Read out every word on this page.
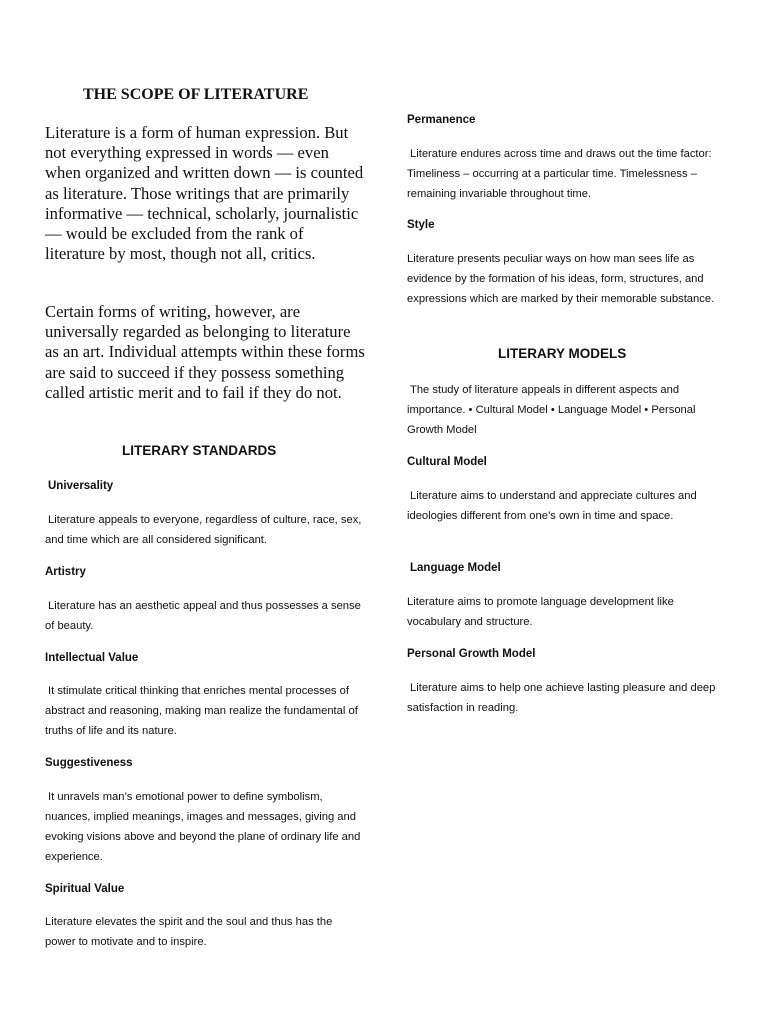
THE SCOPE OF LITERATURE

Literature is a form of human expression. But not everything expressed in words — even when organized and written down — is counted as literature. Those writings that are primarily informative — technical, scholarly, journalistic — would be excluded from the rank of literature by most, though not all, critics.

Certain forms of writing, however, are universally regarded as belonging to literature as an art. Individual attempts within these forms are said to succeed if they possess something called artistic merit and to fail if they do not.

LITERARY STANDARDS
Universality

Literature appeals to everyone, regardless of culture, race, sex, and time which are all considered significant.

Artistry

Literature has an aesthetic appeal and thus possesses a sense of beauty.

Intellectual Value

It stimulate critical thinking that enriches mental processes of abstract and reasoning, making man realize the fundamental of truths of life and its nature.

Suggestiveness

It unravels man’s emotional power to define symbolism, nuances, implied meanings, images and messages, giving and evoking visions above and beyond the plane of ordinary life and experience.

Spiritual Value

Literature elevates the spirit and the soul and thus has the power to motivate and to inspire.

Permanence

Literature endures across time and draws out the time factor: Timeliness – occurring at a particular time. Timelessness – remaining invariable throughout time.

Style

Literature presents peculiar ways on how man sees life as evidence by the formation of his ideas, form, structures, and expressions which are marked by their memorable substance.

LITERARY MODELS

The study of literature appeals in different aspects and importance. • Cultural Model • Language Model • Personal Growth Model

Cultural Model

Literature aims to understand and appreciate cultures and ideologies different from one’s own in time and space.

Language Model

Literature aims to promote language development like vocabulary and structure.

Personal Growth Model

Literature aims to help one achieve lasting pleasure and deep satisfaction in reading.
